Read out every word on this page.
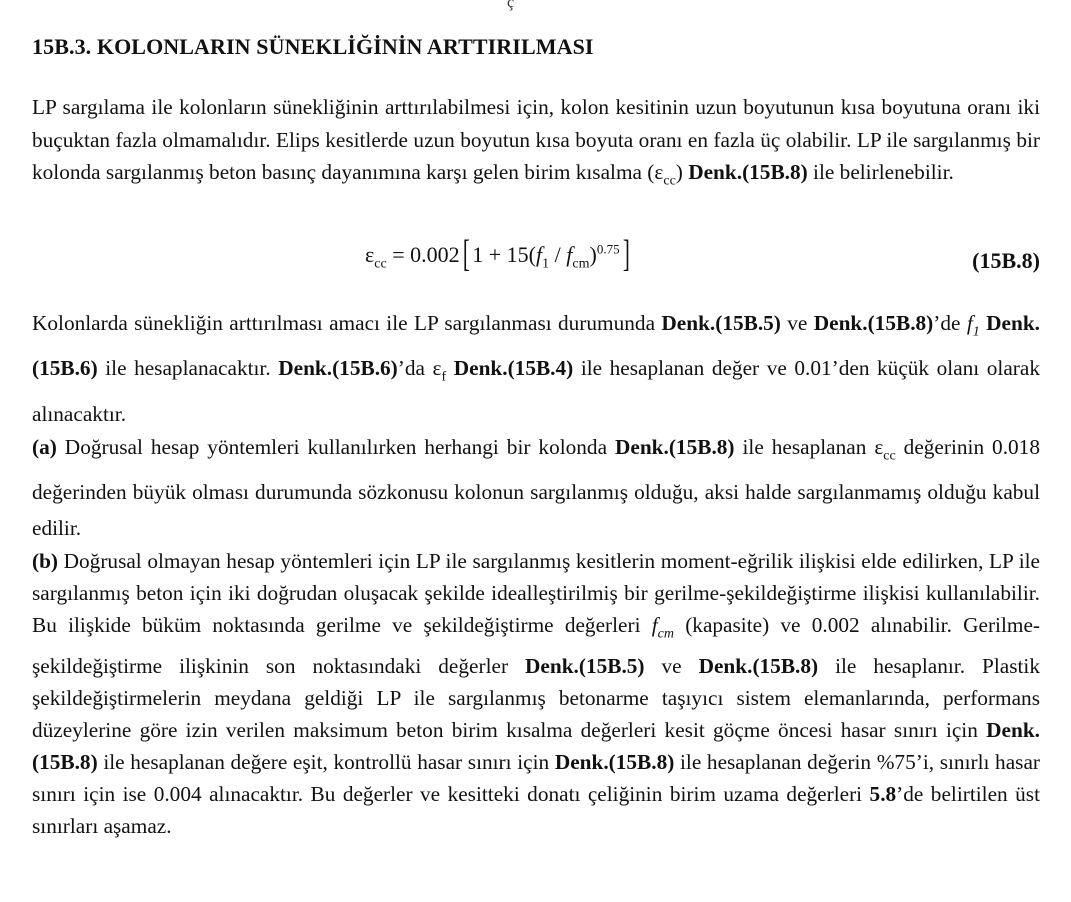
ç
15B.3. KOLONLARIN SÜNEKLİĞİNİN ARTTIRILMASI

LP sargılama ile kolonların sünekliğinin arttırılabilmesi için, kolon kesitinin uzun boyutunun kısa boyutuna oranı iki buçuktan fazla olmamalıdır. Elips kesitlerde uzun boyutun kısa boyuta oranı en fazla üç olabilir. LP ile sargılanmış bir kolonda sargılanmış beton basınç dayanımına karşı gelen birim kısalma $(\varepsilon_{cc})$ Denk.(15B.8) ile belirlenebilir.

$\varepsilon_{cc} = 0.002$[ $1 + 15(f_1 / f_{cm})^{0.75}$]	(15B.8)

Kolonlarda sünekliğin arttırılması amacı ile LP sargılanması durumunda Denk.(15B.5) ve Denk.(15B.8)’de $f_1$ Denk.(15B.6) ile hesaplanacaktır. Denk.(15B.6)’da $\varepsilon_f$ Denk.(15B.4) ile hesaplanan değer ve 0.01’den küçük olanı olarak alınacaktır.

(a) Doğrusal hesap yöntemleri kullanılırken herhangi bir kolonda Denk.(15B.8) ile hesaplanan $\varepsilon_{cc}$ değerinin 0.018 değerinden büyük olması durumunda sözkonusu kolonun sargılanmış olduğu, aksi halde sargılanmamış olduğu kabul edilir.

(b) Doğrusal olmayan hesap yöntemleri için LP ile sargılanmış kesitlerin moment-eğrilik ilişkisi elde edilirken, LP ile sargılanmış beton için iki doğrudan oluşacak şekilde idealleştirilmiş bir gerilme-şekildeğiştirme ilişkisi kullanılabilir. Bu ilişkide büküm noktasında gerilme ve şekildeğiştirme değerleri $f_{cm}$ (kapasite) ve 0.002 alınabilir. Gerilme-şekildeğiştirme ilişkinin son noktasındaki değerler Denk.(15B.5) ve Denk.(15B.8) ile hesaplanır. Plastik şekildeğiştirmelerin meydana geldiği LP ile sargılanmış betonarme taşıyıcı sistem elemanlarında, performans düzeylerine göre izin verilen maksimum beton birim kısalma değerleri kesit göçme öncesi hasar sınırı için Denk.(15B.8) ile hesaplanan değere eşit, kontrollü hasar sınırı için Denk.(15B.8) ile hesaplanan değerin %75’i, sınırlı hasar sınırı için ise 0.004 alınacaktır. Bu değerler ve kesitteki donatı çeliğinin birim uzama değerleri 5.8’de belirtilen üst sınırları aşamaz.
